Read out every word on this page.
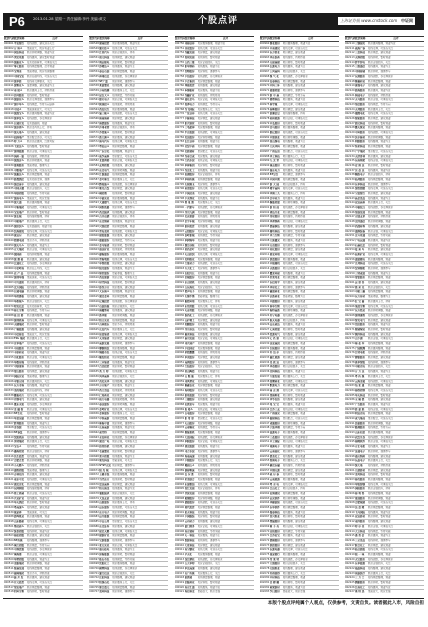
P6 2013.01.28 星期一 责任编辑:李丹 美编:黄文	个股点评	上海证券报 www.cnstock.com 中证网
股票代码 股票简称	点评
000001 平安银行	短线超跌，建议适当关注
000002 万 科Ａ	量能放大，股价有望上行
000004 国农科技	股价弱势调整，观望为宜
000005 世纪星源	短线震荡，建议暂时观望
000006 深振业Ａ	技术指标修复，可逢低关注
000007 零七股份	短线横盘整理，后市观望
000008 宝利来	量能萎缩，股价仍需整理
000009 中国宝安	股价站稳均线，可适当关注
000010 深华新	短线有反弹要求，关注
000011 深物业Ａ	缩量调整，建议观望为主
000012 南 玻Ａ	股价震荡上行，持股待涨
000014 沙河股份	短线弱势，暂时观望
000016 深康佳Ａ	股价反弹受阻，谨慎参与
000017 深中华Ａ	短线横盘，等待方向选择
000018 中冠Ａ	量能温和放大，可关注
000019 深深宝Ａ	股价震荡整理，观望为宜
000020 深华发Ａ	短线超跌，存反弹需求
000021 长城开发	技术面偏弱，观望
000022 深赤湾Ａ	股价沿均线上行，持有
000023 深天地Ａ	短线震荡，建议观望
000024 招商地产	量价配合良好，可关注
000025 特 力Ａ	股价高位震荡，注意风险
000026 飞亚达Ａ	短线整理，暂时观望
000027 深圳能源	股价企稳，可逢低关注
000028 国药一致	短线强势，持股待涨
000029 深深房Ａ	股价弱势震荡，观望
000030 富奥股份	量能萎缩，整理为主
000031 中粮地产	短线反弹，可适当关注
000032 深桑达Ａ	股价横盘整理，观望
000033 新都酒店	技术指标走弱，谨慎
000034 深信泰丰	短线震荡，建议观望
000035 中国天楹	股价企稳回升，关注
000036 华联控股	短线横盘，等待突破
000037 深南电Ａ	量能放大，股价走强
000038 深大通	股价震荡整理，观望
000039 中集集团	短线超跌，可逢低关注
000040 宝安地产	股价弱势，暂时观望
000042 深长城	短线强势整理，持有
000043 中航地产	股价震荡上行，关注
000045 深纺织Ａ	技术面偏弱，观望为宜
000046 泛海建设	短线反弹，可适当关注
000048 康达尔	股价横盘，建议观望
000049 德赛电池	量价齐升，持股待涨
000050 深天马Ａ	短线震荡，观望为主
000055 方大集团	股价企稳，可逢低关注
000056 深国商	短线弱势整理，观望
000058 深 赛 格	股价震荡，建议观望
000059 辽通化工	短线超跌，存反弹需求
000060 中金岭南	股价站上均线，关注
000061 农 产 品	短线横盘整理，观望
000062 深圳华强	量能温和，可适当关注
000063 中兴通讯	股价震荡回升，持有
000065 北方国际	短线强势，持股待涨
000066 长城电脑	股价弱势调整，观望
000068 华控赛格	短线震荡，建议观望
000069 华侨城Ａ	股价企稳回升，关注
000070 特发信息	技术指标修复，关注
000078 海王生物	短线横盘，等待方向
000088 盐 田 港	股价震荡整理，观望
000089 深圳机场	短线反弹，可逢低关注
000090 天健集团	股价弱势，暂时观望
000096 广聚能源	短线整理，建议观望
000099 中信海直	量能放大，股价走强
000100 TCL 集团 股价震荡上行，关注
000150 宜华地产	短线超跌，可适当关注
000151 中成股份	股价横盘整理，观望
000153 丰原药业	短线震荡，观望为宜
000155 川化股份	股价企稳，可逢低关注
000156 华数传媒	短线强势，持股待涨
000157 中联重科	股价弱势震荡，观望
000158 常山股份	短线横盘，建议观望
000159 国际实业	量能萎缩，整理为主
000166 申银万国	股价震荡回升，关注
000301 东方市场	短线整理，观望为宜
000333 美的集团	股价站稳均线，持有
000338 潍柴动力	短线反弹，可适当关注
000400 许继电气	股价震荡，建议观望
000401 冀东水泥	短线超跌，存反弹需求
000402 金 融 街	股价企稳，可逢低关注
000403 ST生化	短线弱势，暂时观望
000404 华意压缩	股价横盘整理，观望
000407 胜利股份	短线震荡，观望为主
000408 金谷源	量价配合，可适当关注
000409 ST泰复	股价弱势，谨慎参与
000410 沈阳机床	短线整理，建议观望
000411 英特集团	股价震荡上行，关注
000413 宝石Ａ	短线横盘，等待突破
000415 渤海租赁	股价企稳回升，持有
000416 民生投资	短线震荡，观望为宜
000417 合肥百货	股价弱势调整，观望
000418 小天鹅Ａ	短线强势，持股待涨
000419 通程控股	量能萎缩，整理为主
000420 吉林化纤	股价震荡，建议观望
000421 南京中北	短线超跌，可逢低关注
000422 湖北宜化	股价横盘整理，观望
000423 东阿阿胶	短线强势整理，持有
000425 徐工机械	股价企稳，可适当关注
000426 兴业矿业	短线震荡，观望为宜
000428 华天酒店	股价弱势，暂时观望
000429 粤高速Ａ	短线横盘，建议观望
000430 张家界	量能温和，可关注
000488 晨鸣纸业	股价震荡整理，观望
000498 山东路桥	短线反弹，可逢低关注
000501 鄂武商Ａ	股价企稳回升，关注
000502 绿景控股	短线弱势，观望为宜
000503 海虹控股	股价震荡，建议观望
000504 ST传媒	短线整理，谨慎参与
000505 珠江控股	股价横盘，等待方向
000506 中润资源	短线超跌，存反弹需求
000507 珠海港	股价企稳，可逢低关注
000509 华塑控股	短线震荡，观望为主
000510 金路集团	股价弱势调整，观望
000511 银基发展	短线横盘整理，观望
000513 丽珠集团	量价齐升，持股待涨
000514 渝 开 发	股价震荡，建议观望
000516 开元投资	短线反弹，可适当关注
000517 荣安地产	股价横盘整理，观望
000518 四环生物	短线弱势，暂时观望
股票代码 股票简称	点评
000548 湖南投资	股价震荡整理，观望为宜
000549 湘火炬Ａ	短线反弹，可适当关注
000550 江铃汽车	股价企稳回升，持有
000551 创元科技	短线横盘，建议观望
000552 靖远煤电	股价弱势，暂时观望
000553 沙隆达Ａ	短线震荡，观望为主
000554 泰山石油	股价横盘整理，观望
000555 神州信息	短线超跌，存反弹需求
000557 ST广夏	股价弱势，谨慎参与
000558 莱茵置业	短线整理，建议观望
000559 万向钱潮	股价震荡上行，关注
000560 昆百大Ａ	短线横盘，等待突破
000561 烽火电子	股价企稳，可逢低关注
000563 陕国投Ａ	短线强势，持股待涨
000564 西安民生	股价震荡整理，观望
000565 渝三峡Ａ	短线超跌，可适当关注
000566 海南海药	股价横盘，建议观望
000567 海德股份	短线震荡，观望为宜
000568 泸州老窖	股价企稳回升，持有
000570 苏常柴Ａ	短线弱势，暂时观望
000571 新大洲Ａ	股价震荡，建议观望
000572 海马汽车	短线反弹，可逢低关注
000573 粤宏远Ａ	股价横盘整理，观望
000576 广东甘化	短线整理，观望为主
000581 威孚高科	量价配合，可适当关注
000582 北部湾港	股价企稳，可逢低关注
000584 友利控股	短线震荡，建议观望
000585 东北电气	股价弱势调整，观望
000586 汇源通信	短线横盘整理，观望
000587 金叶珠宝	股价震荡上行，关注
000589 黔轮胎Ａ	短线超跌，存反弹需求
000590 紫光古汉	股价横盘，建议观望
000591 桐君阁	短线弱势，暂时观望
000592 中福实业	股价震荡整理，观望
000593 大通燃气	短线反弹，可适当关注
000594 国恒铁路	股价弱势，谨慎参与
000595 西北轴承	短线整理，建议观望
000596 古井贡酒	股价企稳回升，持有
000597 东北制药	短线震荡，观望为宜
000598 兴蓉投资	股价横盘整理，观望
000599 青岛双星	短线超跌，可逢低关注
000600 建投能源	股价震荡，建议观望
000601 韶能股份	短线横盘，等待方向
000602 金马集团	股价弱势，暂时观望
000603 盛达矿业	短线强势，持股待涨
000605 渤海股份	股价震荡整理，观望
000606 青海明胶	短线反弹，可适当关注
000607 华智控股	股价横盘，建议观望
000608 阳光股份	短线震荡，观望为主
000609 绵世股份	量能萎缩，整理为主
000610 西安旅游	股价企稳，可逢低关注
000611 时代科技	短线弱势，暂时观望
000612 焦作万方	股价震荡，建议观望
000613 大东海Ａ	短线整理，观望为宜
000615 湖北金环	股价横盘整理，观望
000616 亿城投资	短线超跌，存反弹需求
000617 石油济柴	股价企稳回升，关注
000619 海螺型材	短线震荡，建议观望
000620 新华联	股价弱势调整，观望
000622 恒立实业	短线横盘整理，观望
000623 吉林敖东	量价齐升，持股待涨
000625 长安汽车	股价震荡上行，关注
000626 如意集团	短线反弹，可逢低关注
000627 天茂集团	股价横盘，建议观望
000628 高新发展	短线弱势，谨慎参与
000629 攀钢钒钛	股价震荡整理，观望
000630 铜陵有色	短线企稳，可适当关注
000631 顺发恒业	股价横盘整理，观望
000632 三木集团	短线震荡，观望为宜
000633 合金投资	股价弱势，暂时观望
000635 英 力 特	短线超跌，可逢低关注
000636 风华高科	股价企稳回升，关注
000637 茂化实华	短线整理，建议观望
000638 万方地产	股价震荡，观望为主
000639 西王食品	短线强势，持股待涨
000650 仁和药业	股价横盘，建议观望
000651 格力电器	短线强势整理，持有
000652 泰达股份	股价弱势调整，观望
000655 金岭矿业	短线反弹，可适当关注
000656 金科股份	股价震荡上行，关注
000657 中钨高新	短线横盘整理，观望
000659 珠海中富	股价弱势，谨慎参与
000661 长春高新	短线震荡，观望为宜
000662 索芙特	股价横盘整理，观望
000663 永安林业	短线超跌，存反弹需求
000665 湖北广电	股价企稳，可逢低关注
000666 经纬纺机	短线整理，建议观望
000667 名流置业	股价弱势，暂时观望
000668 荣丰控股	短线震荡，观望为主
000669 领先科技	量能温和，可关注
000670 S*ST天发 股价横盘，谨慎参与
000671 阳 光 城	短线反弹，可逢低关注
000672 上峰水泥	股价震荡整理，观望
000673 当代东方	短线弱势，暂时观望
000676 思达高科	股价横盘，建议观望
000677 恒天海龙	短线震荡，观望为宜
000678 襄阳轴承	股价企稳回升，关注
000679 大连友谊	短线整理，建议观望
000680 山推股份	股价震荡上行，持有
000681 远东股份	短线超跌，可适当关注
000682 东方电子	股价弱势调整，观望
000683 远兴能源	短线横盘整理，观望
000685 中山公用	量价配合，可适当关注
000686 东北证券	股价震荡，建议观望
000687 保定天鹅	短线反弹，可逢低关注
000688 建新矿业	股价横盘整理，观望
000690 宝新能源	短线弱势，谨慎参与
000691 亚太实业	股价企稳，可逢低关注
000692 惠天热电	短线震荡，观望为主
000695 滨海能源	股价弱势，暂时观望
000697 炼石有色	短线横盘，等待突破
000698 沈阳化工	股价震荡整理，观望
000700 模塑科技	短线超跌，存反弹需求
000701 厦门信达	股价企稳回升，关注
000702 正虹科技	短线整理，建议观望
000703 恒逸石化	股价震荡上行，关注
000705 浙江震元	短线横盘整理，观望
000707 双环科技	股价弱势，谨慎参与
股票代码 股票简称	点评
000750 国海证券	股价震荡整理，观望为宜
000751 锌业股份	短线反弹，可适当关注
000752 西藏发展	股价横盘，建议观望
000753 漳州发展	短线弱势，暂时观望
000755 山西三维	股价企稳回升，关注
000756 新华制药	短线震荡，观望为主
000757 浩物股份	股价弱势，谨慎参与
000758 中色股份	短线超跌，存反弹需求
000759 中百集团	股价横盘整理，观望
000760 博盈投资	短线整理，建议观望
000761 本钢板材	股价震荡，观望为宜
000762 西藏矿业	短线强势，持股待涨
000766 通化金马	股价企稳，可逢低关注
000767 漳泽电力	短线横盘，等待方向
000768 西飞国际	股价震荡上行，关注
000776 广发证券	短线反弹，可适当关注
000777 中核科技	股价横盘，建议观望
000778 新兴铸管	短线弱势，暂时观望
000779 三毛派神	股价震荡整理，观望
000780 平庄能源	短线超跌，可逢低关注
000782 美达股份	股价弱势调整，观望
000783 长江证券	短线整理，观望为主
000785 武汉中商	股价横盘整理，观望
000786 北新建材	量价配合，可适当关注
000788 西南合成	股价震荡，建议观望
000789 江西水泥	短线企稳，可逢低关注
000790 华神集团	股价弱势，暂时观望
000791 西北化工	短线震荡，观望为宜
000792 盐湖股份	股价企稳回升，持有
000793 华闻传媒	短线横盘整理，观望
000795 太原刚玉	股价弱势，谨慎参与
000796 易食股份	短线反弹，可适当关注
000797 中国武夷	股价横盘，建议观望
000798 中水渔业	短线震荡，观望为主
000799 酒 鬼 酒	股价震荡上行，关注
000800 一汽轿车	短线超跌，存反弹需求
000801 四川九洲	股价横盘整理，观望
000802 北京旅游	短线强势，持股待涨
000803 金宇车城	股价弱势调整，观望
000806 银河投资	短线整理，建议观望
000807 云铝股份	股价企稳，可逢低关注
000809 铁岭新城	短线横盘，等待突破
000810 华润锦华	股价震荡，观望为宜
000811 烟台冰轮	短线弱势，暂时观望
000812 陕西金叶	股价横盘，建议观望
000813 天山纺织	短线反弹，可逢低关注
000815 美利纸业	股价震荡整理，观望
000816 江淮动力	短线超跌，可适当关注
000818 方大化工	股价弱势，谨慎参与
000819 岳阳兴长	短线整理，观望为主
000820 金城股份	股价横盘整理，观望
000821 京山轻机	短线震荡，建议观望
000822 山东海化	股价企稳回升，关注
000823 超声电子	短线横盘整理，观望
000825 太钢不锈	量能萎缩，整理为主
000826 桑德环境	股价震荡上行，持有
000828 东莞控股	短线反弹，可适当关注
000829 天音控股	股价弱势调整，观望
000830 鲁西化工	短线超跌，存反弹需求
000831 五矿稀土	股价横盘，建议观望
000833 贵糖股份	短线震荡，观望为宜
000835 四川圣达	股价弱势，暂时观望
000836 鑫茂科技	短线整理，建议观望
000837 秦川发展	股价企稳，可逢低关注
000838 国兴地产	短线横盘整理，观望
000839 中信国安	股价震荡整理，观望
000848 承德露露	短线强势，持股待涨
000850 华茂股份	股价横盘，建议观望
000851 高鸿股份	短线弱势，谨慎参与
000852 江钻股份	股价企稳回升，关注
000856 唐山陶瓷	短线震荡，观望为主
000858 五 粮 液	股价震荡上行，持有
000859 国风塑业	短线超跌，可逢低关注
000860 顺鑫农业	股价横盘整理，观望
000861 海印股份	短线反弹，可适当关注
000862 银星能源	股价弱势，暂时观望
000863 三湘股份	短线整理，建议观望
000868 安凯客车	股价震荡，观望为宜
000869 张 裕Ａ	短线企稳，可逢低关注
000875 吉电股份	股价横盘整理，观望
000876 新 希 望	量价配合，可适当关注
000877 天山股份	股价弱势调整，观望
000878 云南铜业	短线横盘，等待方向
000880 潍柴重机	股价震荡整理，观望
000881 大连国际	短线超跌，存反弹需求
000882 华联股份	股价企稳，可逢低关注
000883 湖北能源	短线震荡，观望为主
000885 同力水泥	股价弱势，谨慎参与
000886 海南高速	短线整理，建议观望
000887 中鼎股份	股价震荡上行，关注
000888 峨眉山Ａ	短线强势，持股待涨
000889 渤海物流	股价横盘，建议观望
000890 法 尔 胜	短线弱势，暂时观望
000892 星美联合	股价震荡整理，观望
000893 东凌粮油	短线反弹，可逢低关注
000895 双汇发展	股价企稳回升，持有
000897 津滨发展	短线横盘整理，观望
000898 鞍钢股份	股价弱势调整，观望
000899 赣能股份	短线超跌，可适当关注
000900 现代投资	股价横盘整理，观望
000901 航天科技	短线震荡，观望为宜
000902 中国服装	股价弱势，暂时观望
000903 云内动力	短线整理，建议观望
000905 厦门港务	股价企稳，可逢低关注
000906 南方建材	短线横盘，等待突破
000908 天一科技	股价震荡，观望为主
000909 数源科技	短线弱势，谨慎参与
000910 大亚科技	股价横盘，建议观望
000911 南宁糖业	短线反弹，可适当关注
000912 泸天化	股价震荡整理，观望
000913 钱江摩托	短线超跌，存反弹需求
000915 山大华特	股价企稳回升，关注
000916 华北高速	短线整理，建议观望
000917 电广传媒	股价震荡上行，关注
000918 嘉凯城	短线横盘整理，观望
000919 金陵药业	股价弱势，暂时观望
000920 南方汇通	短线震荡，观望为宜
000921 海信科龙	量能放大，股价走强
股票代码 股票简称	点评
000960 锡业股份	股价震荡整理，观望为宜
000961 中南建设	短线反弹，可适当关注
000962 东方钽业	股价横盘，建议观望
000963 华东医药	短线强势，持股待涨
000965 天保基建	股价弱势，暂时观望
000966 长源电力	短线震荡，观望为主
000967 上风高科	股价企稳回升，关注
000968 煤 气 化	短线超跌，存反弹需求
000969 安泰科技	股价横盘整理，观望
000970 中科三环	短线整理，建议观望
000971 蓝鼎控股	股价弱势，谨慎参与
000972 新 中 基	短线横盘，等待方向
000973 佛塑科技	股价震荡，观望为宜
000975 科学城	短线反弹，可逢低关注
000976 春晖股份	股价横盘，建议观望
000977 浪潮信息	短线强势整理，持有
000978 桂林旅游	股价企稳，可逢低关注
000979 中弘股份	短线弱势，暂时观望
000980 金马股份	股价震荡整理，观望
000981 银亿股份	短线超跌，可适当关注
000982 中银绒业	股价弱势调整，观望
000983 西山煤电	短线整理，观望为主
000985 大庆华科	股价横盘整理，观望
000987 广州友谊	量价配合，可适当关注
000988 华工科技	股价震荡上行，关注
000989 九 芝 堂	短线企稳，可逢低关注
000990 诚志股份	股价弱势，暂时观望
000993 闽东电力	短线震荡，观望为宜
000995 ST皇台	股价横盘，谨慎参与
000996 中国中期	短线横盘整理，观望
000997 新 大 陆	股价企稳回升，持有
000998 隆平高科	短线反弹，可适当关注
000999 华润三九	股价震荡上行，持有
001696 宗申动力	短线震荡，观望为主
001896 豫能控股	股价弱势调整，观望
002001 新 和 成	短线超跌，存反弹需求
002002 鸿达兴业	股价横盘整理，观望
002003 伟星股份	短线强势，持股待涨
002004 华邦制药	股价企稳，可逢低关注
002005 德豪润达	短线整理，建议观望
002006 精功科技	股价弱势，暂时观望
002007 华兰生物	短线横盘，等待突破
002008 大族激光	股价震荡，观望为宜
002009 天奇股份	短线弱势，谨慎参与
002010 传化股份	股价横盘，建议观望
002011 盾安环境	短线反弹，可逢低关注
002012 凯恩股份	股价震荡整理，观望
002013 中航精机	短线超跌，可适当关注
002014 永新股份	股价企稳回升，关注
002015 霞客环保	短线整理，观望为主
002016 世荣兆业	股价横盘整理，观望
002017 东信和平	短线震荡，建议观望
002018 华星化工	股价弱势，谨慎参与
002019 鑫富药业	短线横盘整理，观望
002020 京新药业	量能萎缩，整理为主
002021 中捷股份	股价震荡，建议观望
002022 科华生物	短线反弹，可适当关注
002023 海特高新	股价弱势调整，观望
002024 苏宁电器	短线超跌，存反弹需求
002025 航天电器	股价企稳回升，持有
002026 山东威达	短线震荡，观望为宜
002027 七喜控股	股价弱势，暂时观望
002028 思源电气	短线整理，建议观望
002029 七 匹 狼	股价企稳，可逢低关注
002030 达安基因	短线横盘整理，观望
002031 巨轮股份	股价震荡整理，观望
002032 苏 泊 尔	短线强势，持股待涨
002033 丽江旅游	股价横盘，建议观望
002034 美 欣 达	短线弱势，谨慎参与
002035 华帝股份	股价企稳回升，关注
002036 宜科科技	短线震荡，观望为主
002037 久联发展	股价震荡上行，关注
002038 双鹭药业	短线超跌，可逢低关注
002039 黔源电力	股价横盘整理，观望
002040 南 京 港	短线反弹，可适当关注
002041 登海种业	股价弱势，暂时观望
002042 华孚色纺	短线整理，建议观望
002043 兔 宝 宝	股价震荡，观望为宜
002044 江苏三友	短线企稳，可逢低关注
002045 广州国光	股价横盘整理，观望
002046 轴研科技	量价配合，可适当关注
002047 成霖股份	股价弱势调整，观望
002048 宁波华翔	短线横盘，等待方向
002049 晶源电子	股价震荡整理，观望
002050 三花股份	短线超跌，存反弹需求
002051 中工国际	股价企稳，可逢低关注
002052 同洲电子	短线震荡，观望为主
002053 云南盐化	股价弱势，谨慎参与
002054 德美化工	短线整理，建议观望
002055 得润电子	股价震荡上行，关注
002056 横店东磁	短线强势，持股待涨
002057 中钢天源	股价横盘，建议观望
002058 威 尔 泰	短线弱势，暂时观望
002059 云南旅游	股价震荡整理，观望
002060 粤 水 电	短线反弹，可逢低关注
002061 江山化工	股价企稳回升，持有
002062 宏润建设	短线横盘整理，观望
002063 远光软件	股价弱势调整，观望
002064 华峰氨纶	短线超跌，可适当关注
002065 东华软件	股价横盘整理，观望
002066 瑞泰科技	短线震荡，观望为宜
002067 景兴纸业	股价弱势，暂时观望
002068 黑猫股份	短线整理，建议观望
002069 獐 子 岛	股价企稳，可逢低关注
002070 众和股份	短线横盘，等待突破
002071 江苏宏宝	股价震荡，观望为主
002072 德棉股份	短线弱势，谨慎参与
002073 软控股份	股价横盘，建议观望
002074 东源电器	短线反弹，可适当关注
002075 张家港行	股价震荡整理，观望
002076 雪 莱 特	短线超跌，存反弹需求
002077 大港股份	股价企稳回升，关注
002078 太阳纸业	短线整理，建议观望
002079 苏州固锝	股价震荡上行，关注
002080 中材科技	短线横盘整理，观望
002081 金 螳 螂	股价弱势，暂时观望
002082 栋梁新材	短线震荡，观望为宜
002083 孚日股份	量能放大，股价走强
股票代码 股票简称	点评
002110 三钢闽光	股价震荡整理，观望为宜
002111 威海广泰	短线反弹，可适当关注
002112 三变科技	股价横盘，建议观望
002113 天润控股	短线弱势，暂时观望
002114 罗平锌电	股价企稳回升，关注
002115 三维通信	短线震荡，观望为主
002116 中国海诚	股价弱势，谨慎参与
002117 东港股份	短线超跌，存反弹需求
002118 紫鑫药业	股价横盘整理，观望
002119 康强电子	短线整理，建议观望
002120 新海股份	股价震荡，观望为宜
002121 科陆电子	短线强势，持股待涨
002122 天马股份	股价企稳，可逢低关注
002123 荣信股份	短线横盘，等待方向
002124 天邦股份	股价震荡上行，关注
002125 湘潭电化	短线反弹，可适当关注
002126 银轮股份	股价横盘，建议观望
002127 新民科技	短线弱势，暂时观望
002128 露天煤业	股价震荡整理，观望
002129 中环股份	短线超跌，可逢低关注
002130 沃尔核材	股价弱势调整，观望
002131 利欧股份	短线整理，观望为主
002132 恒星科技	股价横盘整理，观望
002133 广宇集团	量价配合，可适当关注
002134 天津普林	股价震荡，建议观望
002135 东南网架	短线企稳，可逢低关注
002136 安 纳 达	股价弱势，暂时观望
002137 实 益 达	短线震荡，观望为宜
002138 顺络电子	股价企稳回升，持有
002139 拓邦股份	短线横盘整理，观望
002140 东华科技	股价弱势，谨慎参与
002141 蓉胜超微	短线反弹，可适当关注
002142 宁波银行	股价横盘，建议观望
002143 高金食品	短线震荡，观望为主
002144 宏达高科	股价震荡上行，关注
002145 中核钛白	短线超跌，存反弹需求
002146 荣盛发展	股价横盘整理，观望
002147 方圆支承	短线强势，持股待涨
002148 北纬通信	股价弱势调整，观望
002149 西部材料	短线整理，建议观望
002150 通润装备	股价企稳，可逢低关注
002151 北斗星通	短线横盘，等待突破
002152 广电运通	股价震荡，观望为宜
002153 石基信息	短线弱势，暂时观望
002154 报 喜 鸟	股价横盘，建议观望
002155 辰州矿业	短线反弹，可逢低关注
002156 通富微电	股价震荡整理，观望
002157 正邦科技	短线超跌，可适当关注
002158 汉钟精机	股价弱势，谨慎参与
002159 三特索道	短线整理，观望为主
002160 常铝股份	股价横盘整理，观望
002161 远 望 谷	短线震荡，建议观望
002162 斯 米 克	股价企稳回升，关注
002163 中航三鑫	短线横盘整理，观望
002164 东力传动	量能萎缩，整理为主
002165 红 宝 丽	股价震荡上行，持有
002166 莱茵生物	短线反弹，可适当关注
002167 东方锆业	股价弱势调整，观望
002168 深圳惠程	短线超跌，存反弹需求
002169 智光电气	股价横盘，建议观望
002170 芭田股份	短线震荡，观望为宜
002171 精诚铜业	股价弱势，暂时观望
002172 澳洋科技	短线整理，建议观望
002173 山下湖	股价企稳，可逢低关注
002174 梅 花 伞	短线横盘整理，观望
002175 广陆数测	股价震荡整理，观望
002176 江特电机	短线强势，持股待涨
002177 御银股份	股价横盘，建议观望
002178 延华智能	短线弱势，谨慎参与
002179 中航光电	股价企稳回升，关注
002180 万 力 达	短线震荡，观望为主
002181 粤 传 媒	股价震荡上行，关注
002182 云海金属	短线超跌，可逢低关注
002183 怡 亚 通	股价横盘整理，观望
002184 海得控制	短线反弹，可适当关注
002185 华天科技	股价弱势，暂时观望
002186 全 聚 德	短线整理，建议观望
002187 广百股份	股价震荡，观望为宜
002188 新 嘉 联	短线企稳，可逢低关注
002189 利达光电	股价横盘整理，观望
002190 成飞集成	量价配合，可适当关注
002191 劲嘉股份	股价弱势调整，观望
002192 路翔股份	短线横盘，等待方向
002193 山东如意	股价震荡整理，观望
002194 武汉凡谷	短线超跌，存反弹需求
002195 海隆软件	股价企稳，可逢低关注
002196 方正电机	短线震荡，观望为主
002197 证通电子	股价弱势，谨慎参与
002198 嘉应制药	短线整理，建议观望
002199 东晶电子	股价震荡上行，关注
002200 绿大地	短线强势，持股待涨
002201 九鼎新材	股价横盘，建议观望
002202 金风科技	短线弱势，暂时观望
002203 海亮股份	股价震荡整理，观望
002204 华锐铸钢	短线反弹，可逢低关注
002205 国统股份	股价企稳回升，持有
002206 海 利 得	短线横盘整理，观望
002207 准油股份	股价弱势调整，观望
002208 合肥城建	短线超跌，可适当关注
002209 达 意 隆	股价横盘整理，观望
002210 飞马国际	短线震荡，观望为宜
002211 宏达新材	股价弱势，暂时观望
002212 南洋股份	短线整理，建议观望
002213 特 尔 佳	股价企稳，可逢低关注
002214 大立科技	短线横盘，等待突破
002215 诺 普 信	股价震荡，观望为主
002216 三全食品	短线弱势，谨慎参与
002217 联合化工	股价横盘，建议观望
002218 拓日新能	短线反弹，可适当关注
002219 独 一 味	股价震荡整理，观望
002220 天宝股份	短线超跌，存反弹需求
002221 东华能源	股价企稳回升，关注
002222 福晶科技	短线整理，建议观望
002223 鱼跃医疗	股价震荡上行，关注
002224 三 力 士	短线横盘整理，观望
002225 濮耐股份	股价弱势，暂时观望
002226 江南化工	短线震荡，观望为宜
002227 奥 特 迅	量能放大，股价走强
本版个股点评纯属个人观点，仅供参考，文责自负。读者据此入市，风险自担
